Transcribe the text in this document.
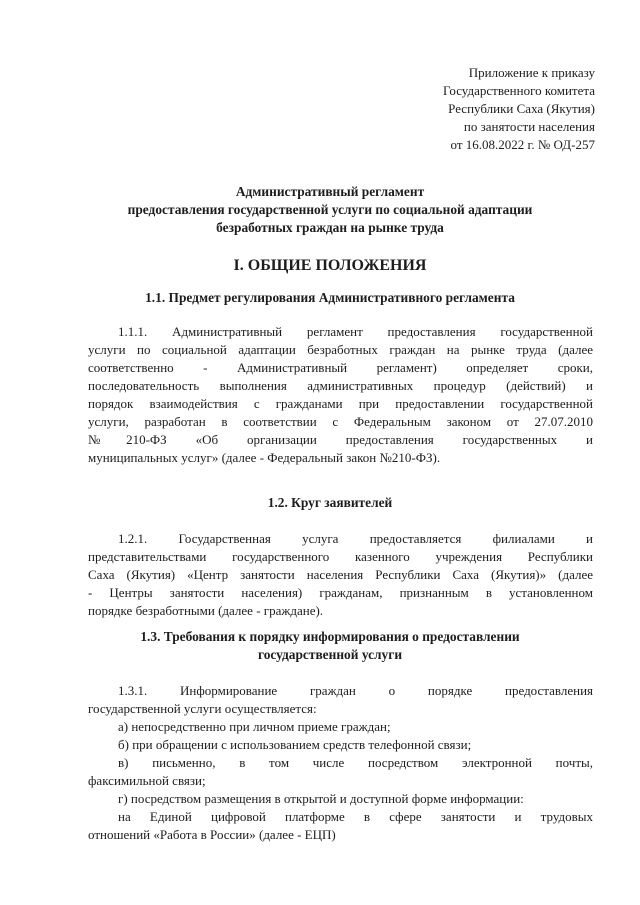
Приложение к приказу
Государственного комитета
Республики Саха (Якутия)
по занятости населения
от 16.08.2022 г. № ОД-257
Административный регламент
предоставления государственной услуги по социальной адаптации
безработных граждан на рынке труда
I. ОБЩИЕ ПОЛОЖЕНИЯ
1.1. Предмет регулирования Административного регламента
1.1.1. Административный регламент предоставления государственной
услуги по социальной адаптации безработных граждан на рынке труда (далее
соответственно - Административный регламент) определяет сроки,
последовательность выполнения административных процедур (действий) и
порядок взаимодействия с гражданами при предоставлении государственной
услуги, разработан в соответствии с Федеральным законом от 27.07.2010
№210-ФЗ «Об организации предоставления государственных и
муниципальных услуг» (далее - Федеральный закон №210-ФЗ).
1.2. Круг заявителей
1.2.1. Государственная услуга предоставляется филиалами и
представительствами государственного казенного учреждения Республики
Саха (Якутия) «Центр занятости населения Республики Саха (Якутия)» (далее
- Центры занятости населения) гражданам, признанным в установленном
порядке безработными (далее - граждане).
1.3. Требования к порядку информирования о предоставлении
государственной услуги
1.3.1. Информирование граждан о порядке предоставления
государственной услуги осуществляется:
а) непосредственно при личном приеме граждан;
б) при обращении с использованием средств телефонной связи;
в) письменно, в том числе посредством электронной почты,
факсимильной связи;
г) посредством размещения в открытой и доступной форме информации:
на Единой цифровой платформе в сфере занятости и трудовых
отношений «Работа в России» (далее - ЕЦП)
